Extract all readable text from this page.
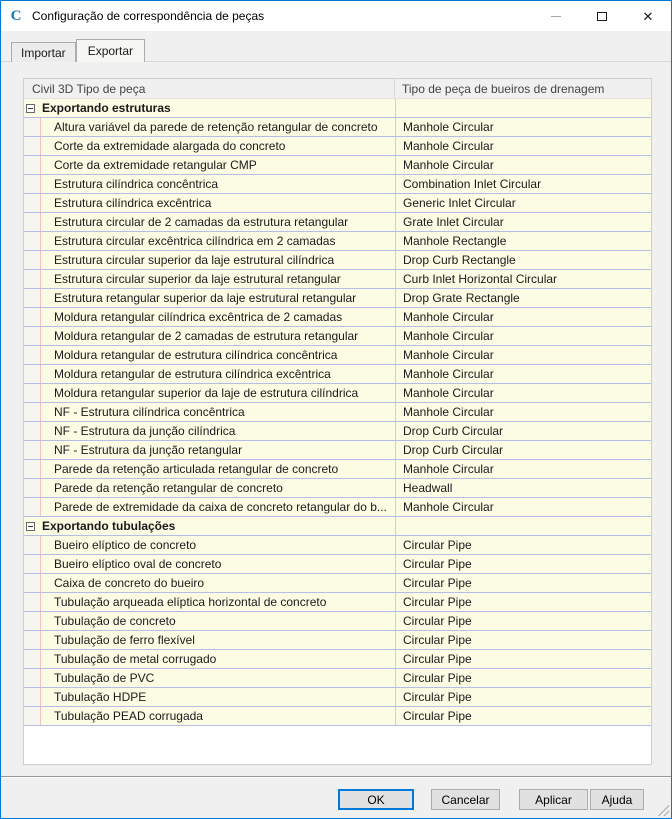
C Configuração de correspondência de peças	✕
Importar	Exportar
Civil 3D Tipo de peça	Tipo de peça de bueiros de drenagem
Exportando estruturas
Altura variável da parede de retenção retangular de concreto	Manhole Circular
Corte da extremidade alargada do concreto	Manhole Circular
Corte da extremidade retangular CMP	Manhole Circular
Estrutura cilíndrica concêntrica	Combination Inlet Circular
Estrutura cilíndrica excêntrica	Generic Inlet Circular
Estrutura circular de 2 camadas da estrutura retangular	Grate Inlet Circular
Estrutura circular excêntrica cilíndrica em 2 camadas	Manhole Rectangle
Estrutura circular superior da laje estrutural cilíndrica	Drop Curb Rectangle
Estrutura circular superior da laje estrutural retangular	Curb Inlet Horizontal Circular
Estrutura retangular superior da laje estrutural retangular	Drop Grate Rectangle
Moldura retangular cilíndrica excêntrica de 2 camadas	Manhole Circular
Moldura retangular de 2 camadas de estrutura retangular	Manhole Circular
Moldura retangular de estrutura cilíndrica concêntrica	Manhole Circular
Moldura retangular de estrutura cilíndrica excêntrica	Manhole Circular
Moldura retangular superior da laje de estrutura cilíndrica	Manhole Circular
NF - Estrutura cilíndrica concêntrica	Manhole Circular
NF - Estrutura da junção cilíndrica	Drop Curb Circular
NF - Estrutura da junção retangular	Drop Curb Circular
Parede da retenção articulada retangular de concreto	Manhole Circular
Parede da retenção retangular de concreto	Headwall
Parede de extremidade da caixa de concreto retangular do b...	Manhole Circular
Exportando tubulações
Bueiro elíptico de concreto	Circular Pipe
Bueiro elíptico oval de concreto	Circular Pipe
Caixa de concreto do bueiro	Circular Pipe
Tubulação arqueada elíptica horizontal de concreto	Circular Pipe
Tubulação de concreto	Circular Pipe
Tubulação de ferro flexível	Circular Pipe
Tubulação de metal corrugado	Circular Pipe
Tubulação de PVC	Circular Pipe
Tubulação HDPE	Circular Pipe
Tubulação PEAD corrugada	Circular Pipe
OK	Cancelar	Aplicar	Ajuda
